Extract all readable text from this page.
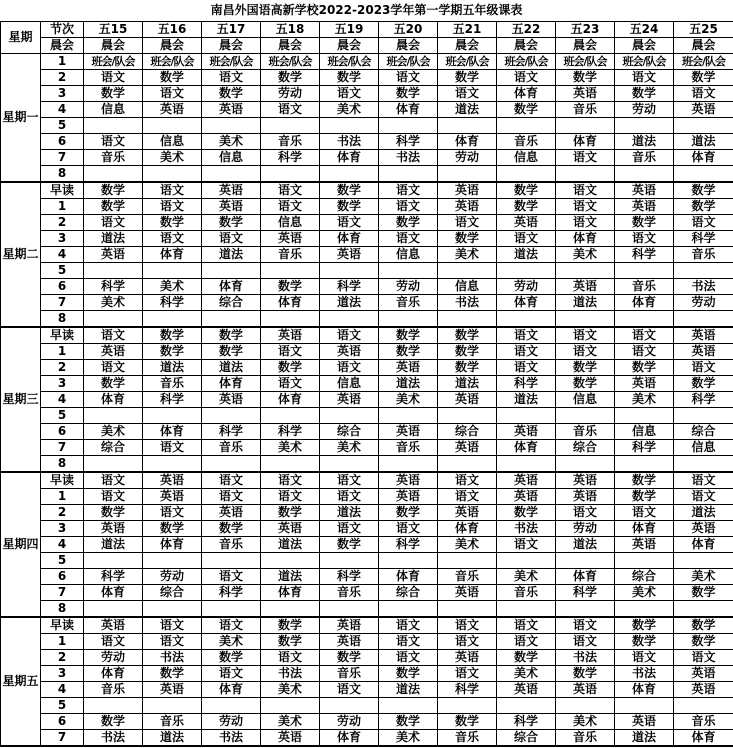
南昌外国语高新学校2022-2023学年第一学期五年级课表
星期	节次	五15	五16	五17	五18	五19	五20	五21	五22	五23	五24	五25
	晨会	晨会	晨会	晨会	晨会	晨会	晨会	晨会	晨会	晨会	晨会	晨会
星期一	1	班会/队会	班会/队会	班会/队会	班会/队会	班会/队会	班会/队会	班会/队会	班会/队会	班会/队会	班会/队会	班会/队会
	2	语文	数学	语文	数学	数学	语文	数学	语文	数学	语文	数学
	3	数学	语文	数学	劳动	语文	数学	语文	体育	英语	数学	语文
	4	信息	英语	英语	语文	美术	体育	道法	数学	音乐	劳动	英语
	5											
	6	语文	信息	美术	音乐	书法	科学	体育	音乐	体育	道法	道法
	7	音乐	美术	信息	科学	体育	书法	劳动	信息	语文	音乐	体育
	8											
星期二	早读	数学	语文	英语	语文	数学	语文	英语	数学	语文	英语	数学
	1	数学	语文	英语	语文	数学	语文	英语	数学	语文	英语	数学
	2	语文	数学	数学	信息	语文	数学	语文	英语	语文	数学	语文
	3	道法	语文	语文	英语	体育	语文	数学	语文	体育	语文	科学
	4	英语	体育	道法	音乐	英语	信息	美术	道法	美术	科学	音乐
	5											
	6	科学	美术	体育	数学	科学	劳动	信息	劳动	英语	音乐	书法
	7	美术	科学	综合	体育	道法	音乐	书法	体育	道法	体育	劳动
	8											
星期三	早读	语文	数学	数学	英语	语文	数学	数学	语文	语文	语文	英语
	1	英语	数学	数学	语文	英语	数学	数学	语文	语文	语文	英语
	2	语文	道法	道法	数学	语文	英语	数学	语文	数学	数学	语文
	3	数学	音乐	体育	语文	信息	道法	道法	科学	数学	英语	数学
	4	体育	科学	英语	体育	英语	美术	英语	道法	信息	美术	科学
	5											
	6	美术	体育	科学	科学	综合	英语	综合	英语	音乐	信息	综合
	7	综合	语文	音乐	美术	美术	音乐	英语	体育	综合	科学	信息
	8											
星期四	早读	语文	英语	语文	语文	语文	英语	语文	英语	英语	数学	语文
	1	语文	英语	语文	语文	语文	英语	语文	英语	英语	数学	语文
	2	数学	语文	英语	数学	道法	数学	英语	数学	语文	语文	道法
	3	英语	数学	数学	英语	语文	语文	体育	书法	劳动	体育	英语
	4	道法	体育	音乐	道法	数学	科学	美术	语文	道法	英语	体育
	5											
	6	科学	劳动	语文	道法	科学	体育	音乐	美术	体育	综合	美术
	7	体育	综合	科学	体育	音乐	综合	英语	音乐	科学	美术	数学
	8											
星期五	早读	英语	语文	语文	数学	英语	语文	语文	语文	语文	数学	数学
	1	语文	语文	美术	数学	英语	语文	语文	语文	语文	数学	数学
	2	劳动	书法	数学	语文	数学	语文	英语	数学	书法	语文	语文
	3	体育	数学	语文	书法	音乐	数学	语文	美术	数学	书法	英语
	4	音乐	英语	体育	美术	语文	道法	科学	英语	英语	体育	英语
	5											
	6	数学	音乐	劳动	美术	劳动	数学	数学	科学	美术	英语	音乐
	7	书法	道法	书法	英语	体育	美术	音乐	综合	音乐	道法	体育
